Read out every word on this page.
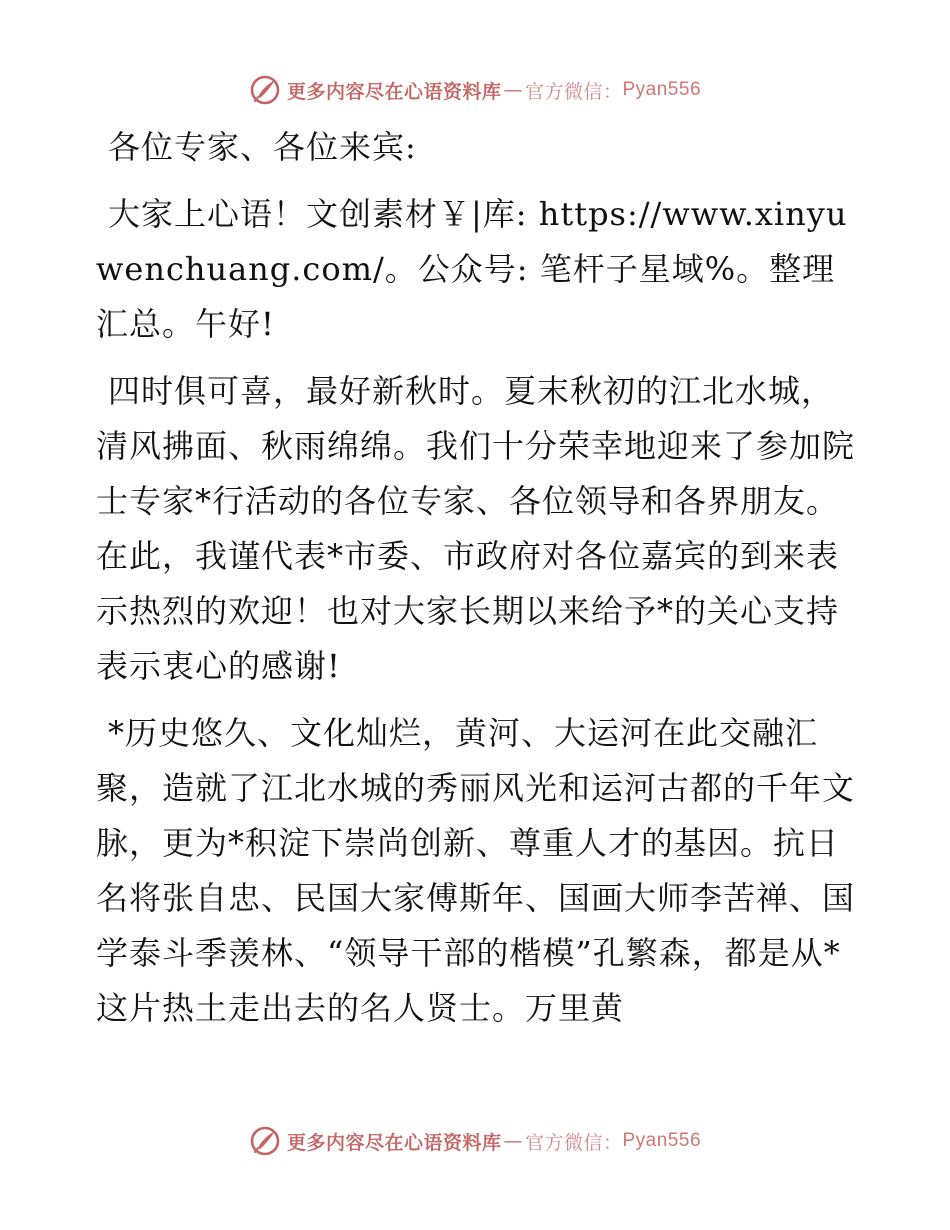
更多内容尽在心语资料库 — 官方微信： Pyan556

各位专家、各位来宾:

大家上心语！文创素材￥|库: https://www.xinyuwenchuang.com/。公众号: 笔杆子星域%。整理汇总。午好!

四时俱可喜，最好新秋时。夏末秋初的江北水城，清风拂面、秋雨绵绵。我们十分荣幸地迎来了参加院士专家*行活动的各位专家、各位领导和各界朋友。在此，我谨代表*市委、市政府对各位嘉宾的到来表示热烈的欢迎！也对大家长期以来给予*的关心支持表示衷心的感谢!

*历史悠久、文化灿烂，黄河、大运河在此交融汇聚，造就了江北水城的秀丽风光和运河古都的千年文脉，更为*积淀下崇尚创新、尊重人才的基因。抗日名将张自忠、民国大家傅斯年、国画大师李苦禅、国学泰斗季羡林、“领导干部的楷模”孔繁森，都是从*这片热土走出去的名人贤士。万里黄

更多内容尽在心语资料库 — 官方微信： Pyan556
